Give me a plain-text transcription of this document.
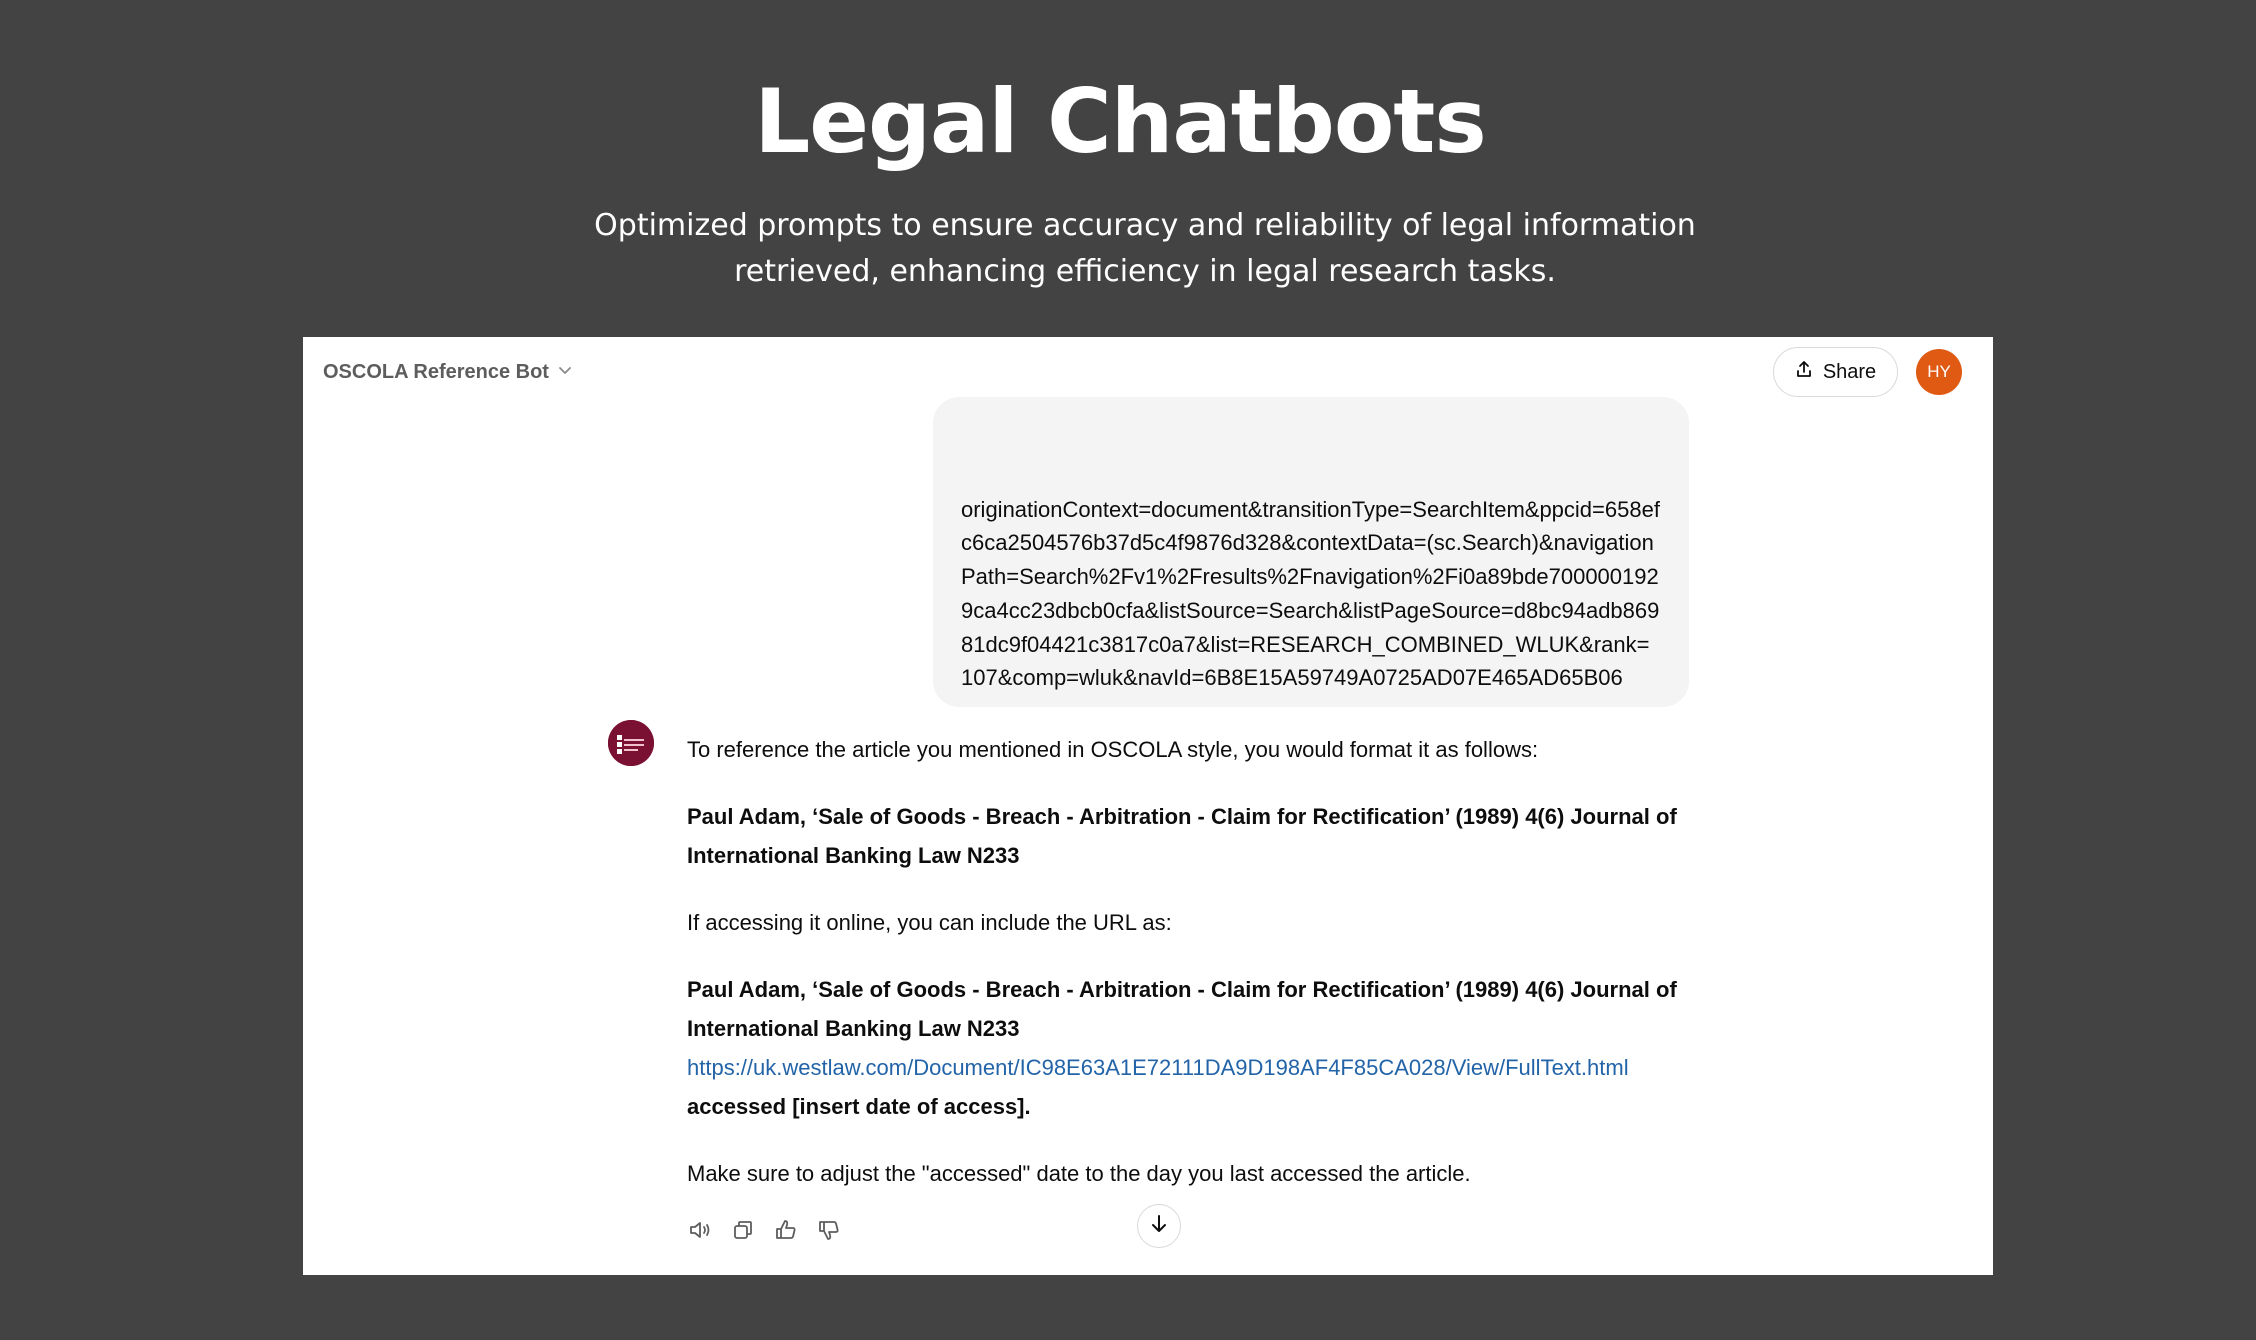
Legal Chatbots

Optimized prompts to ensure accuracy and reliability of legal information retrieved, enhancing efficiency in legal research tasks.

OSCOLA Reference Bot	Share	HY
originationContext=document&transitionType=SearchItem&ppcid=658efc6ca2504576b37d5c4f9876d328&contextData=(sc.Search)&navigationPath=Search%2Fv1%2Fresults%2Fnavigation%2Fi0a89bde7000001929ca4cc23dbcb0cfa&listSource=Search&listPageSource=d8bc94adb86981dc9f04421c3817c0a7&list=RESEARCH_COMBINED_WLUK&rank=107&comp=wluk&navId=6B8E15A59749A0725AD07E465AD65B06

To reference the article you mentioned in OSCOLA style, you would format it as follows:

Paul Adam, ‘Sale of Goods - Breach - Arbitration - Claim for Rectification’ (1989) 4(6) Journal of International Banking Law N233

If accessing it online, you can include the URL as:

Paul Adam, ‘Sale of Goods - Breach - Arbitration - Claim for Rectification’ (1989) 4(6) Journal of International Banking Law N233
https://uk.westlaw.com/Document/IC98E63A1E72111DA9D198AF4F85CA028/View/FullText.html
accessed [insert date of access].

Make sure to adjust the "accessed" date to the day you last accessed the article.
